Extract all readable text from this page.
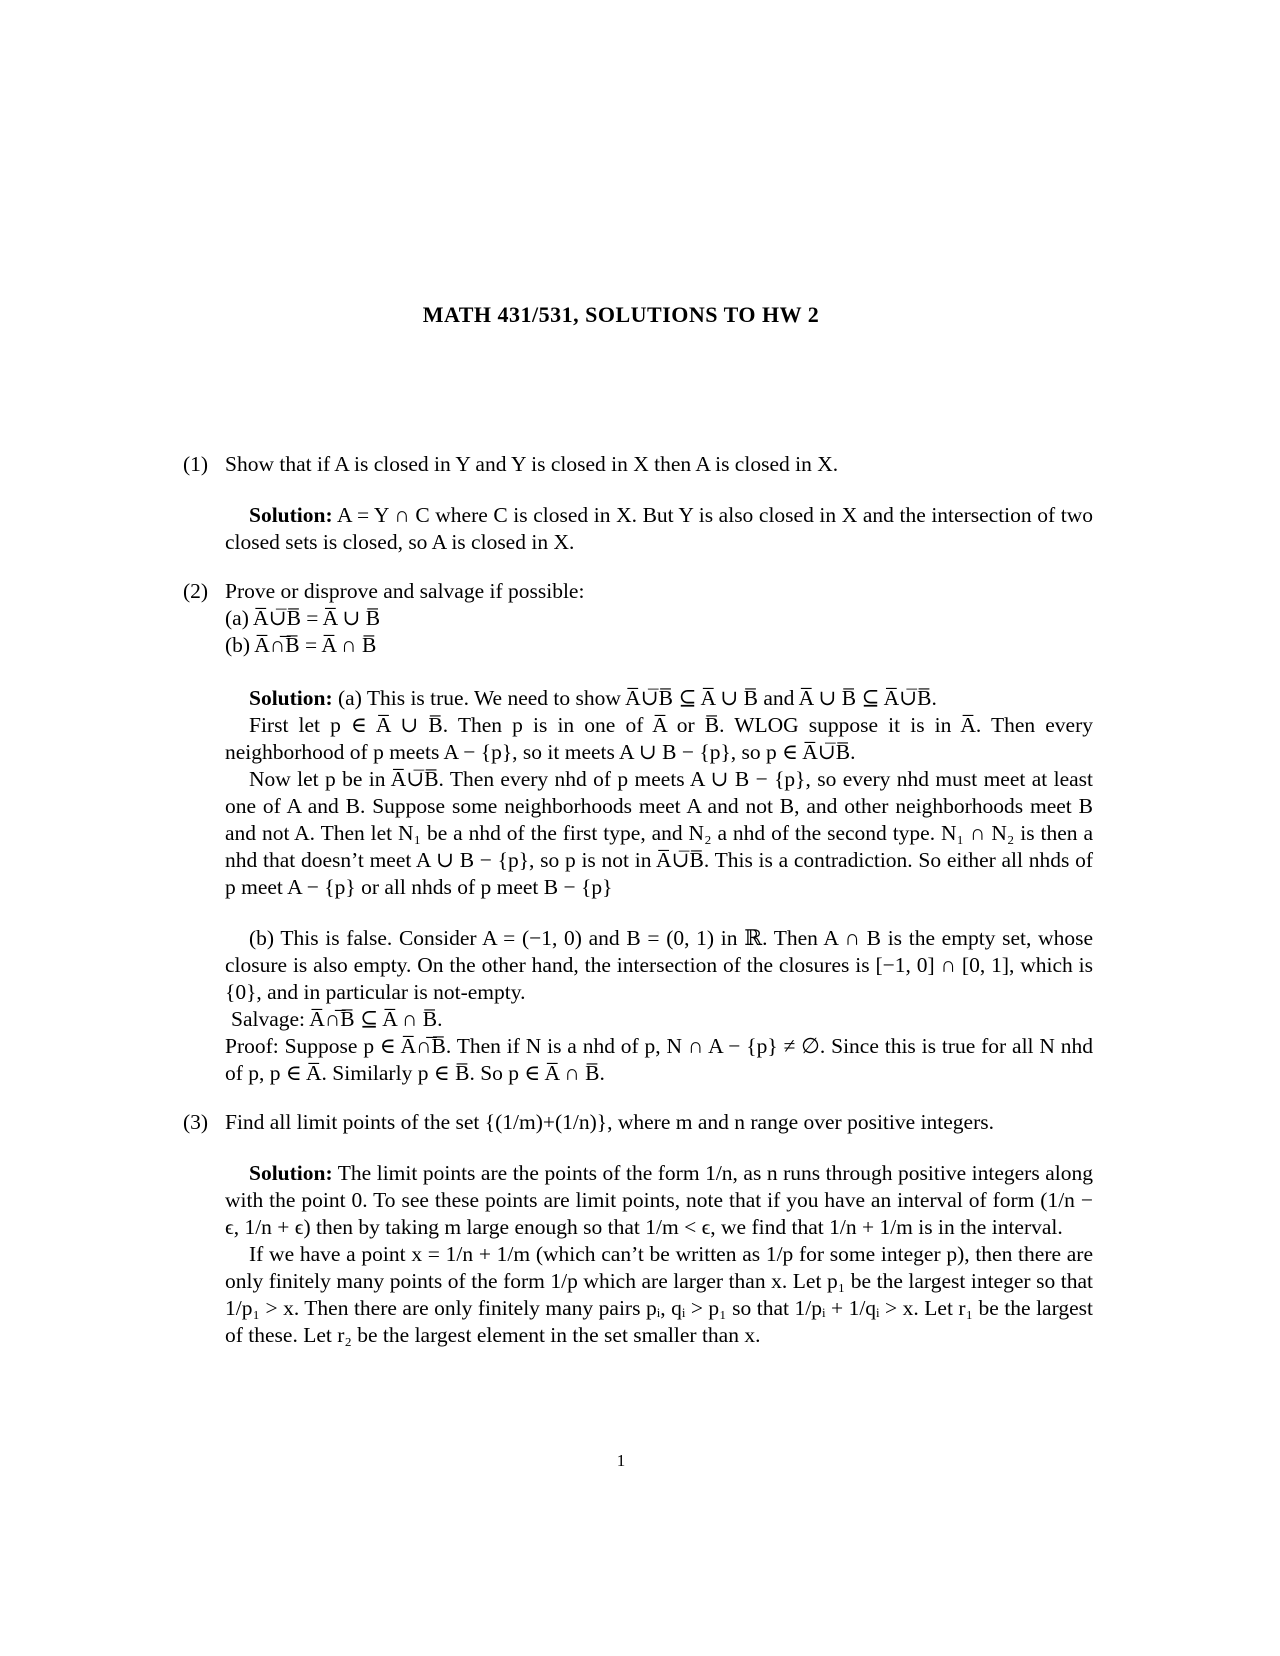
MATH 431/531, SOLUTIONS TO HW 2
(1) Show that if A is closed in Y and Y is closed in X then A is closed in X.

Solution: A = Y ∩ C where C is closed in X. But Y is also closed in X and the intersection of two closed sets is closed, so A is closed in X.

(2) Prove or disprove and salvage if possible:
(a) A̅∪̅B̅ = A̅ ∪ B̅
(b) A̅∩̅B̅ = A̅ ∩ B̅

Solution: (a) This is true. We need to show A̅∪̅B̅ ⊆ A̅ ∪ B̅ and A̅ ∪ B̅ ⊆ A̅∪̅B̅.

First let p ∈ A̅ ∪ B̅. Then p is in one of A̅ or B̅. WLOG suppose it is in A̅. Then every neighborhood of p meets A − {p}, so it meets A ∪ B − {p}, so p ∈ A̅∪̅B̅.

Now let p be in A̅∪̅B̅. Then every nhd of p meets A ∪ B − {p}, so every nhd must meet at least one of A and B. Suppose some neighborhoods meet A and not B, and other neighborhoods meet B and not A. Then let N₁ be a nhd of the first type, and N₂ a nhd of the second type. N₁ ∩ N₂ is then a nhd that doesn’t meet A ∪ B − {p}, so p is not in A̅∪̅B̅. This is a contradiction. So either all nhds of p meet A − {p} or all nhds of p meet B − {p}

(b) This is false. Consider A = (−1, 0) and B = (0, 1) in ℝ. Then A ∩ B is the empty set, whose closure is also empty. On the other hand, the intersection of the closures is [−1, 0] ∩ [0, 1], which is {0}, and in particular is not-empty.

Salvage: A̅∩̅B̅ ⊆ A̅ ∩ B̅.

Proof: Suppose p ∈ A̅∩̅B̅. Then if N is a nhd of p, N ∩ A − {p} ≠ ∅. Since this is true for all N nhd of p, p ∈ A̅. Similarly p ∈ B̅. So p ∈ A̅ ∩ B̅.

(3) Find all limit points of the set {(1/m)+(1/n)}, where m and n range over positive integers.

Solution: The limit points are the points of the form 1/n, as n runs through positive integers along with the point 0. To see these points are limit points, note that if you have an interval of form (1/n − ϵ, 1/n + ϵ) then by taking m large enough so that 1/m < ϵ, we find that 1/n + 1/m is in the interval.

If we have a point x = 1/n + 1/m (which can’t be written as 1/p for some integer p), then there are only finitely many points of the form 1/p which are larger than x. Let p₁ be the largest integer so that 1/p₁ > x. Then there are only finitely many pairs pᵢ, qᵢ > p₁ so that 1/pᵢ + 1/qᵢ > x. Let r₁ be the largest of these. Let r₂ be the largest element in the set smaller than x.

1
